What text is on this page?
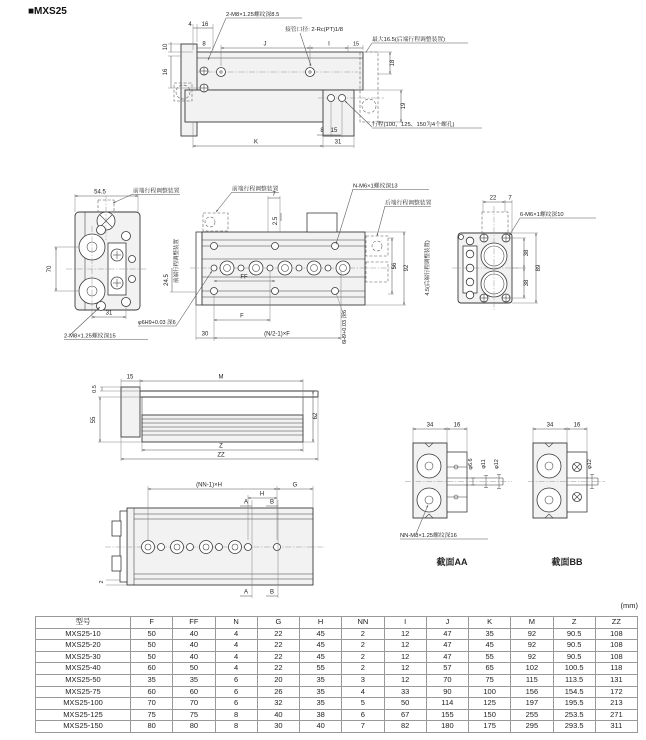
■MXS25
4 16
8
10
16
J	I	15
最大16.5(后端行程调整装置)
18
19
2-M8×1.25螺纹深8.5
接管口径: 2-Rc(PT)1/8
行程(100、125、150为4个螺孔)
8 15
K	31
54.5	前端行程调整装置
70
31
2-M8×1.25螺纹深15
前端行程调整装置	N-M6×1螺纹深13
后端行程调整装置
7
2.5
24.5 前端行程调整装置	56 92	4.5(后端行程调整装置)
FF
F
30	(N/2-1)×F
φ6H9+0.03 深6	6H9+0.03 深6
22 7
6-M6×1螺纹深10
38
38
89
0.5
15	M
55
62
Z
ZZ
(NN-1)×H	G
H
A	B
2
A	B
34	16
φ6.6 φ11 φ12
NN-M8×1.25螺纹深16
截面AA
34	16
φ12
截面BB
(mm)
型号	F	FF	N	G	H	NN	I	J	K	M	Z	ZZ
MXS25-10	50	40	4	22	45	2	12	47	35	92	90.5	108
MXS25-20	50	40	4	22	45	2	12	47	45	92	90.5	108
MXS25-30	50	40	4	22	45	2	12	47	55	92	90.5	108
MXS25-40	60	50	4	22	55	2	12	57	65	102	100.5	118
MXS25-50	35	35	6	20	35	3	12	70	75	115	113.5	131
MXS25-75	60	60	6	26	35	4	33	90	100	156	154.5	172
MXS25-100	70	70	6	32	35	5	50	114	125	197	195.5	213
MXS25-125	75	75	8	40	38	6	67	155	150	255	253.5	271
MXS25-150	80	80	8	30	40	7	82	180	175	295	293.5	311
